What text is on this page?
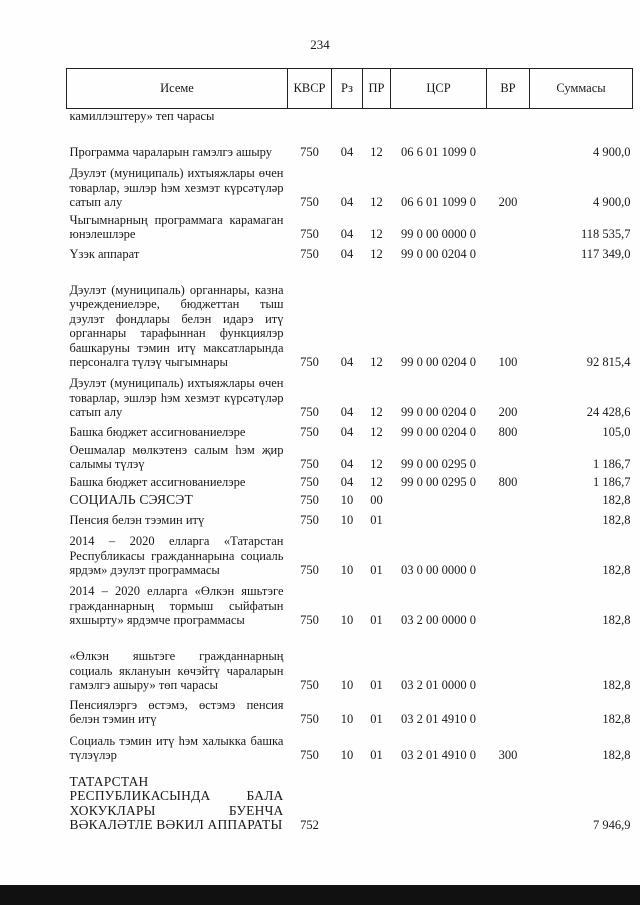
234
Исеме	КВСР	Рз	ПР	ЦСР	ВР	Суммасы
камиллэштеру» теп чарасы						
Программа чараларын гамэлгэ ашыру	750	04	12	06 6 01 1099 0		4 900,0
Дэулэт (муниципаль) ихтыяжлары өчен товарлар, эшлэр һэм хезмэт күрсәтүләр сатып алу	750	04	12	06 6 01 1099 0	200	4 900,0
Чыгымнарның программага карамаган юнэлешлэре	750	04	12	99 0 00 0000 0		118 535,7
Үзэк аппарат	750	04	12	99 0 00 0204 0		117 349,0
Дэулэт (муниципаль) органнары, казна учреждениелэре, бюджеттан тыш дэулэт фондлары белэн идарэ итү органнары тарафыннан функциялэр башкаруны тэмин итү максатларында персоналга түлэү чыгымнары	750	04	12	99 0 00 0204 0	100	92 815,4
Дэулэт (муниципаль) ихтыяжлары өчен товарлар, эшлэр һэм хезмэт күрсәтүләр сатып алу	750	04	12	99 0 00 0204 0	200	24 428,6
Башка бюджет ассигнованиелэре	750	04	12	99 0 00 0204 0	800	105,0
Оешмалар мөлкэтенэ салым һэм җир салымы түлэү	750	04	12	99 0 00 0295 0		1 186,7
Башка бюджет ассигнованиелэре	750	04	12	99 0 00 0295 0	800	1 186,7
СОЦИАЛЬ СЭЯСЭТ	750	10	00			182,8
Пенсия белэн тээмин итү	750	10	01			182,8
2014 – 2020 елларга «Татарстан Республикасы гражданнарына социаль ярдэм» дэулэт программасы	750	10	01	03 0 00 0000 0		182,8
2014 – 2020 елларга «Өлкэн яшьтэге гражданнарның тормыш сыйфатын яхшырту» ярдэмче программасы	750	10	01	03 2 00 0000 0		182,8
«Өлкэн яшьтэге гражданнарның социаль яклануын көчэйтү чараларын гамэлгэ ашыру» төп чарасы	750	10	01	03 2 01 0000 0		182,8
Пенсиялэргэ өстэмэ, өстэмэ пенсия белэн тэмин итү	750	10	01	03 2 01 4910 0		182,8
Социаль тэмин итү һэм халыкка башка түлэүлэр	750	10	01	03 2 01 4910 0	300	182,8
ТАТАРСТАН РЕСПУБЛИКАСЫНДА БАЛА ХОКУКЛАРЫ БУЕНЧА ВӘКАЛӘТЛЕ ВӘКИЛ АППАРАТЫ	752					7 946,9
